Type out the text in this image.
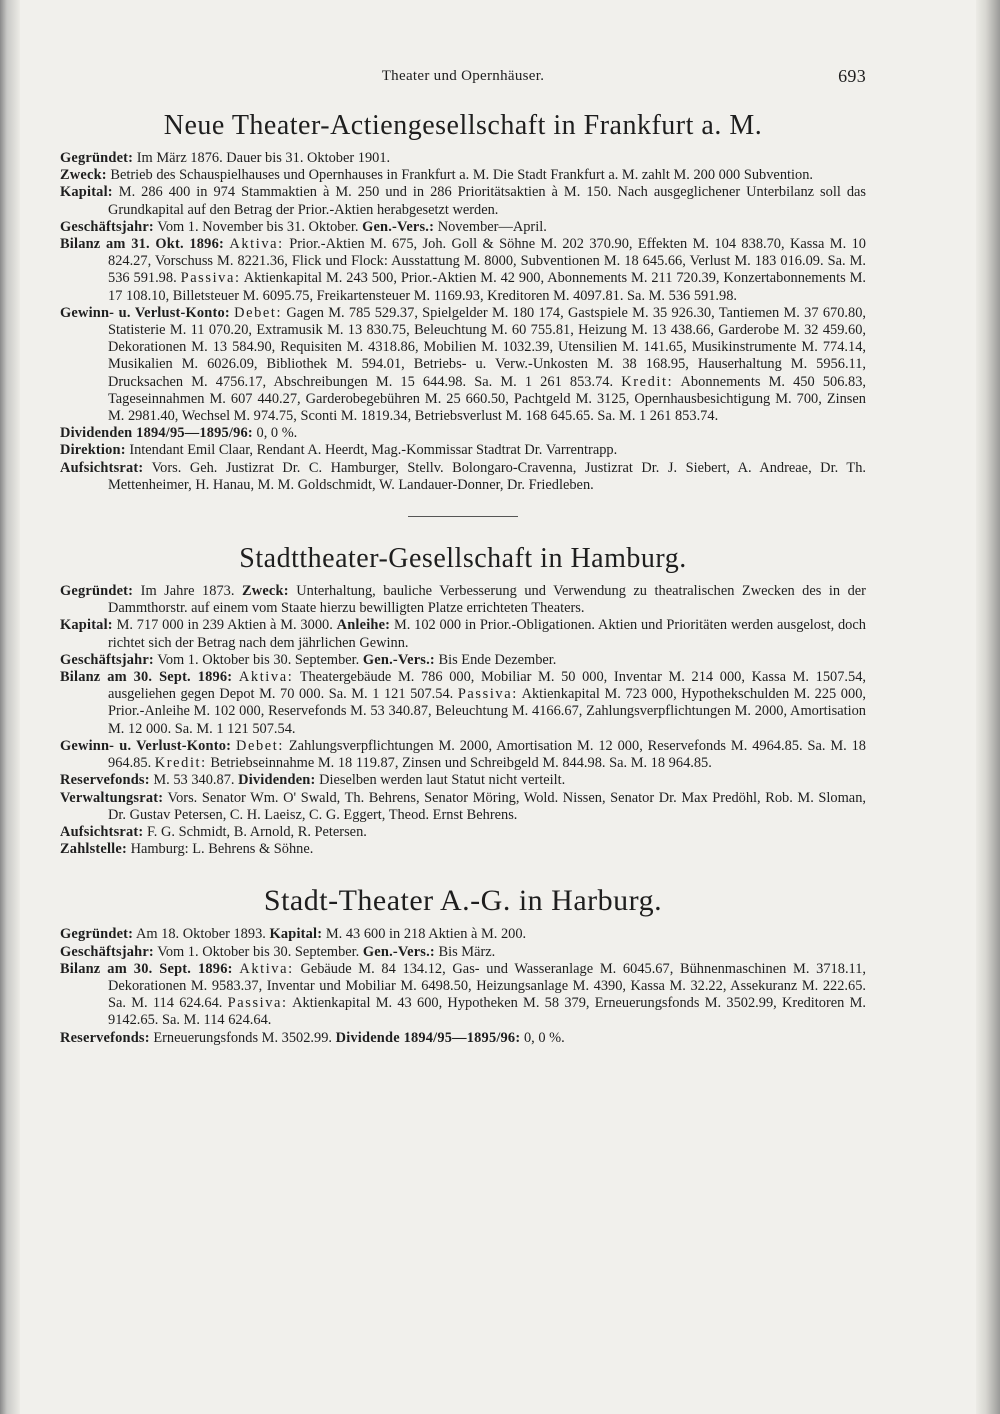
Theater und Opernhäuser.	693
Neue Theater-Actiengesellschaft in Frankfurt a. M.

Gegründet: Im März 1876. Dauer bis 31. Oktober 1901.

Zweck: Betrieb des Schauspielhauses und Opernhauses in Frankfurt a. M. Die Stadt Frankfurt a. M. zahlt M. 200 000 Subvention.

Kapital: M. 286 400 in 974 Stammaktien à M. 250 und in 286 Prioritätsaktien à M. 150. Nach ausgeglichener Unterbilanz soll das Grundkapital auf den Betrag der Prior.-Aktien herabgesetzt werden.

Geschäftsjahr: Vom 1. November bis 31. Oktober. Gen.-Vers.: November—April.

Bilanz am 31. Okt. 1896: Aktiva: Prior.-Aktien M. 675, Joh. Goll & Söhne M. 202 370.90, Effekten M. 104 838.70, Kassa M. 10 824.27, Vorschuss M. 8221.36, Flick und Flock: Ausstattung M. 8000, Subventionen M. 18 645.66, Verlust M. 183 016.09. Sa. M. 536 591.98. Passiva: Aktienkapital M. 243 500, Prior.-Aktien M. 42 900, Abonnements M. 211 720.39, Konzertabonnements M. 17 108.10, Billetsteuer M. 6095.75, Freikartensteuer M. 1169.93, Kreditoren M. 4097.81. Sa. M. 536 591.98.

Gewinn- u. Verlust-Konto: Debet: Gagen M. 785 529.37, Spielgelder M. 180 174, Gastspiele M. 35 926.30, Tantiemen M. 37 670.80, Statisterie M. 11 070.20, Extramusik M. 13 830.75, Beleuchtung M. 60 755.81, Heizung M. 13 438.66, Garderobe M. 32 459.60, Dekorationen M. 13 584.90, Requisiten M. 4318.86, Mobilien M. 1032.39, Utensilien M. 141.65, Musikinstrumente M. 774.14, Musikalien M. 6026.09, Bibliothek M. 594.01, Betriebs- u. Verw.-Unkosten M. 38 168.95, Hauserhaltung M. 5956.11, Drucksachen M. 4756.17, Abschreibungen M. 15 644.98. Sa. M. 1 261 853.74. Kredit: Abonnements M. 450 506.83, Tageseinnahmen M. 607 440.27, Garderobegebühren M. 25 660.50, Pachtgeld M. 3125, Opernhausbesichtigung M. 700, Zinsen M. 2981.40, Wechsel M. 974.75, Sconti M. 1819.34, Betriebsverlust M. 168 645.65. Sa. M. 1 261 853.74.

Dividenden 1894/95—1895/96: 0, 0 %.

Direktion: Intendant Emil Claar, Rendant A. Heerdt, Mag.-Kommissar Stadtrat Dr. Varrentrapp.

Aufsichtsrat: Vors. Geh. Justizrat Dr. C. Hamburger, Stellv. Bolongaro-Cravenna, Justizrat Dr. J. Siebert, A. Andreae, Dr. Th. Mettenheimer, H. Hanau, M. M. Goldschmidt, W. Landauer-Donner, Dr. Friedleben.

Stadttheater-Gesellschaft in Hamburg.

Gegründet: Im Jahre 1873. Zweck: Unterhaltung, bauliche Verbesserung und Verwendung zu theatralischen Zwecken des in der Dammthorstr. auf einem vom Staate hierzu bewilligten Platze errichteten Theaters.

Kapital: M. 717 000 in 239 Aktien à M. 3000. Anleihe: M. 102 000 in Prior.-Obligationen. Aktien und Prioritäten werden ausgelost, doch richtet sich der Betrag nach dem jährlichen Gewinn.

Geschäftsjahr: Vom 1. Oktober bis 30. September. Gen.-Vers.: Bis Ende Dezember.

Bilanz am 30. Sept. 1896: Aktiva: Theatergebäude M. 786 000, Mobiliar M. 50 000, Inventar M. 214 000, Kassa M. 1507.54, ausgeliehen gegen Depot M. 70 000. Sa. M. 1 121 507.54. Passiva: Aktienkapital M. 723 000, Hypothekschulden M. 225 000, Prior.-Anleihe M. 102 000, Reservefonds M. 53 340.87, Beleuchtung M. 4166.67, Zahlungsverpflichtungen M. 2000, Amortisation M. 12 000. Sa. M. 1 121 507.54.

Gewinn- u. Verlust-Konto: Debet: Zahlungsverpflichtungen M. 2000, Amortisation M. 12 000, Reservefonds M. 4964.85. Sa. M. 18 964.85. Kredit: Betriebseinnahme M. 18 119.87, Zinsen und Schreibgeld M. 844.98. Sa. M. 18 964.85.

Reservefonds: M. 53 340.87. Dividenden: Dieselben werden laut Statut nicht verteilt.

Verwaltungsrat: Vors. Senator Wm. O' Swald, Th. Behrens, Senator Möring, Wold. Nissen, Senator Dr. Max Predöhl, Rob. M. Sloman, Dr. Gustav Petersen, C. H. Laeisz, C. G. Eggert, Theod. Ernst Behrens.

Aufsichtsrat: F. G. Schmidt, B. Arnold, R. Petersen.

Zahlstelle: Hamburg: L. Behrens & Söhne.

Stadt-Theater A.-G. in Harburg.

Gegründet: Am 18. Oktober 1893. Kapital: M. 43 600 in 218 Aktien à M. 200.

Geschäftsjahr: Vom 1. Oktober bis 30. September. Gen.-Vers.: Bis März.

Bilanz am 30. Sept. 1896: Aktiva: Gebäude M. 84 134.12, Gas- und Wasseranlage M. 6045.67, Bühnenmaschinen M. 3718.11, Dekorationen M. 9583.37, Inventar und Mobiliar M. 6498.50, Heizungsanlage M. 4390, Kassa M. 32.22, Assekuranz M. 222.65. Sa. M. 114 624.64. Passiva: Aktienkapital M. 43 600, Hypotheken M. 58 379, Erneuerungsfonds M. 3502.99, Kreditoren M. 9142.65. Sa. M. 114 624.64.

Reservefonds: Erneuerungsfonds M. 3502.99. Dividende 1894/95—1895/96: 0, 0 %.
